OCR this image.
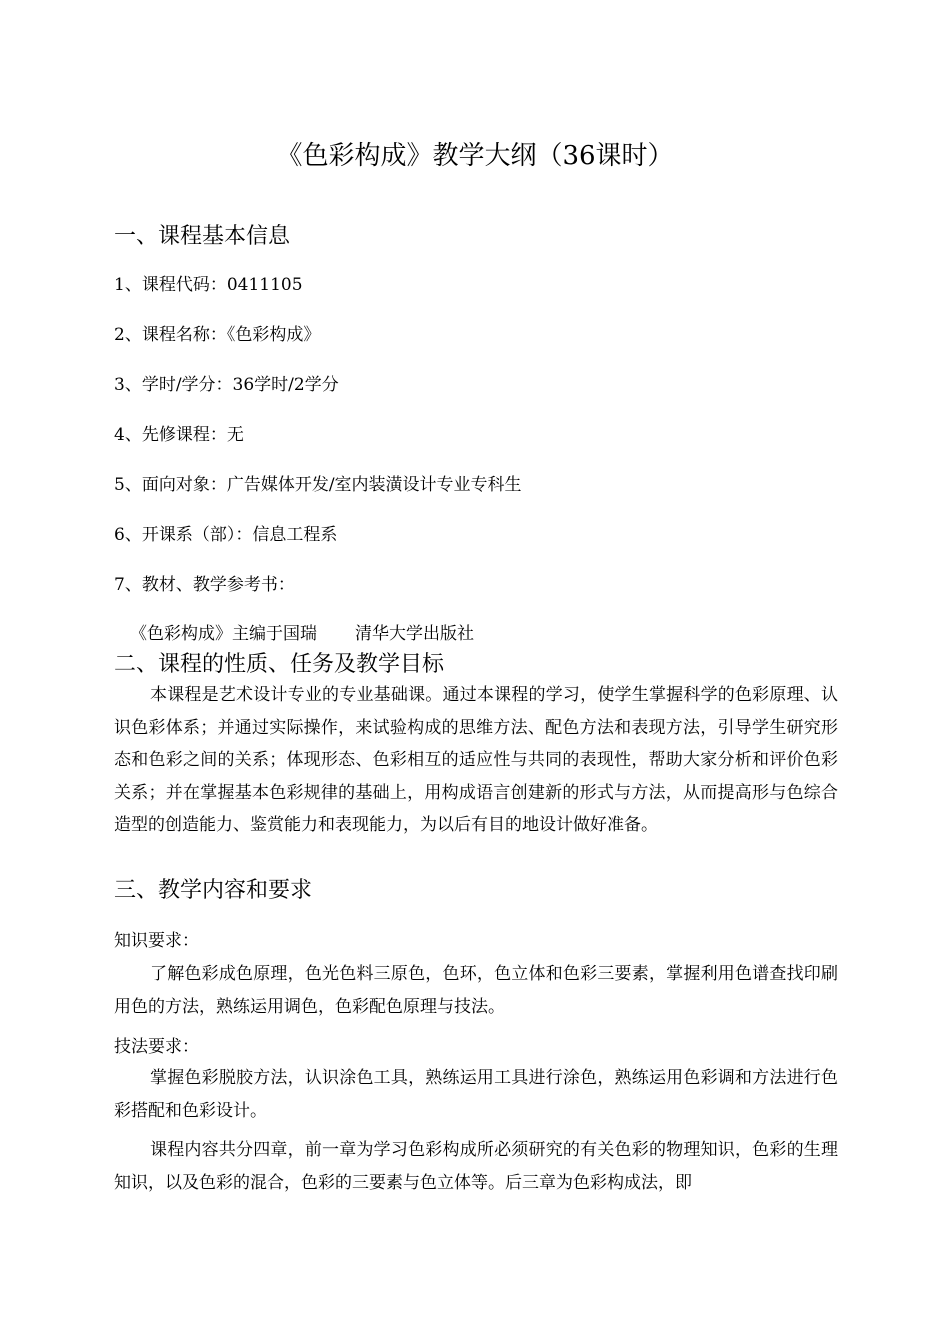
《色彩构成》教学大纲（36课时）
一、课程基本信息
1、课程代码：0411105
2、课程名称：《色彩构成》
3、学时/学分：36学时/2学分
4、先修课程：无
5、面向对象：广告媒体开发/室内装潢设计专业专科生
6、开课系（部）：信息工程系
7、教材、教学参考书：
《色彩构成》主编于国瑞 清华大学出版社
二、课程的性质、任务及教学目标
本课程是艺术设计专业的专业基础课。通过本课程的学习，使学生掌握科学的色彩原理、认识色彩体系；并通过实际操作，来试验构成的思维方法、配色方法和表现方法，引导学生研究形态和色彩之间的关系；体现形态、色彩相互的适应性与共同的表现性，帮助大家分析和评价色彩关系；并在掌握基本色彩规律的基础上，用构成语言创建新的形式与方法，从而提高形与色综合造型的创造能力、鉴赏能力和表现能力，为以后有目的地设计做好准备。
三、教学内容和要求
知识要求：
了解色彩成色原理，色光色料三原色，色环，色立体和色彩三要素，掌握利用色谱查找印刷用色的方法，熟练运用调色，色彩配色原理与技法。
技法要求：
掌握色彩脱胶方法，认识涂色工具，熟练运用工具进行涂色，熟练运用色彩调和方法进行色彩搭配和色彩设计。
课程内容共分四章，前一章为学习色彩构成所必须研究的有关色彩的物理知识，色彩的生理知识，以及色彩的混合，色彩的三要素与色立体等。后三章为色彩构成法，即
